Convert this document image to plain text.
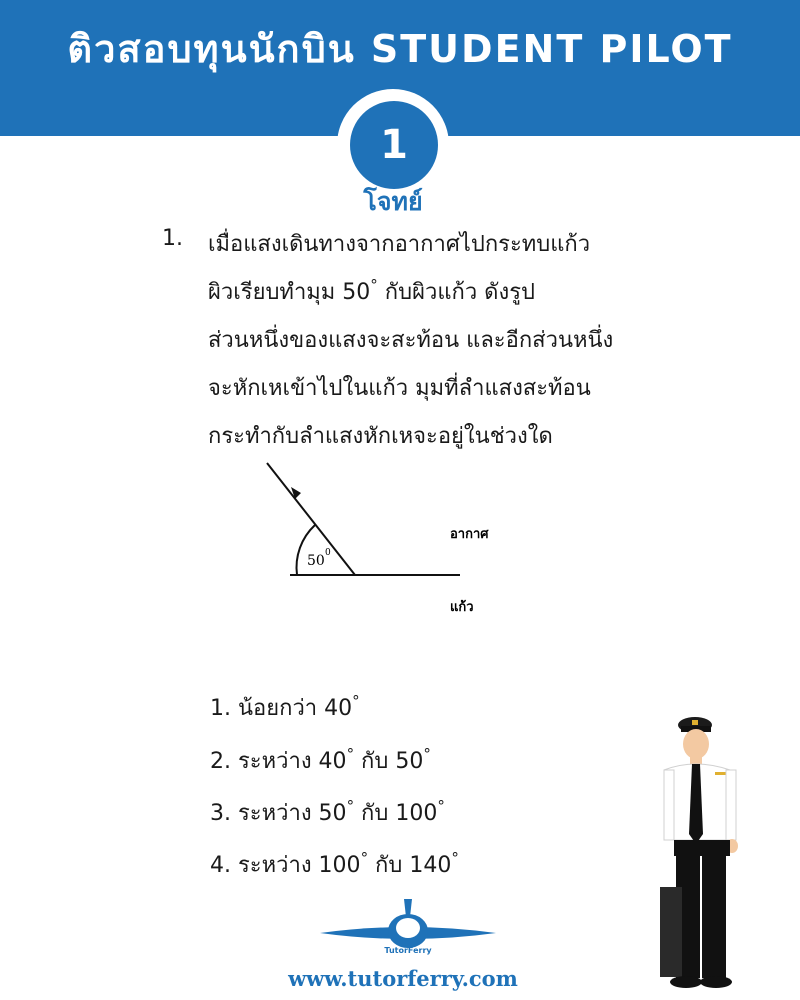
ติวสอบทุนนักบิน STUDENT PILOT
1
โจทย์
1. เมื่อแสงเดินทางจากอากาศไปกระทบแก้ว
ผิวเรียบทำมุม 50° กับผิวแก้ว ดังรูป
ส่วนหนึ่งของแสงจะสะท้อน และอีกส่วนหนึ่ง
จะหักเหเข้าไปในแก้ว มุมที่ลำแสงสะท้อน
กระทำกับลำแสงหักเหจะอยู่ในช่วงใด
50 0
อากาศ
แก้ว
1. น้อยกว่า 40°
2. ระหว่าง 40° กับ 50°
3. ระหว่าง 50° กับ 100°
4. ระหว่าง 100° กับ 140°
TutorFerry
www.tutorferry.com
